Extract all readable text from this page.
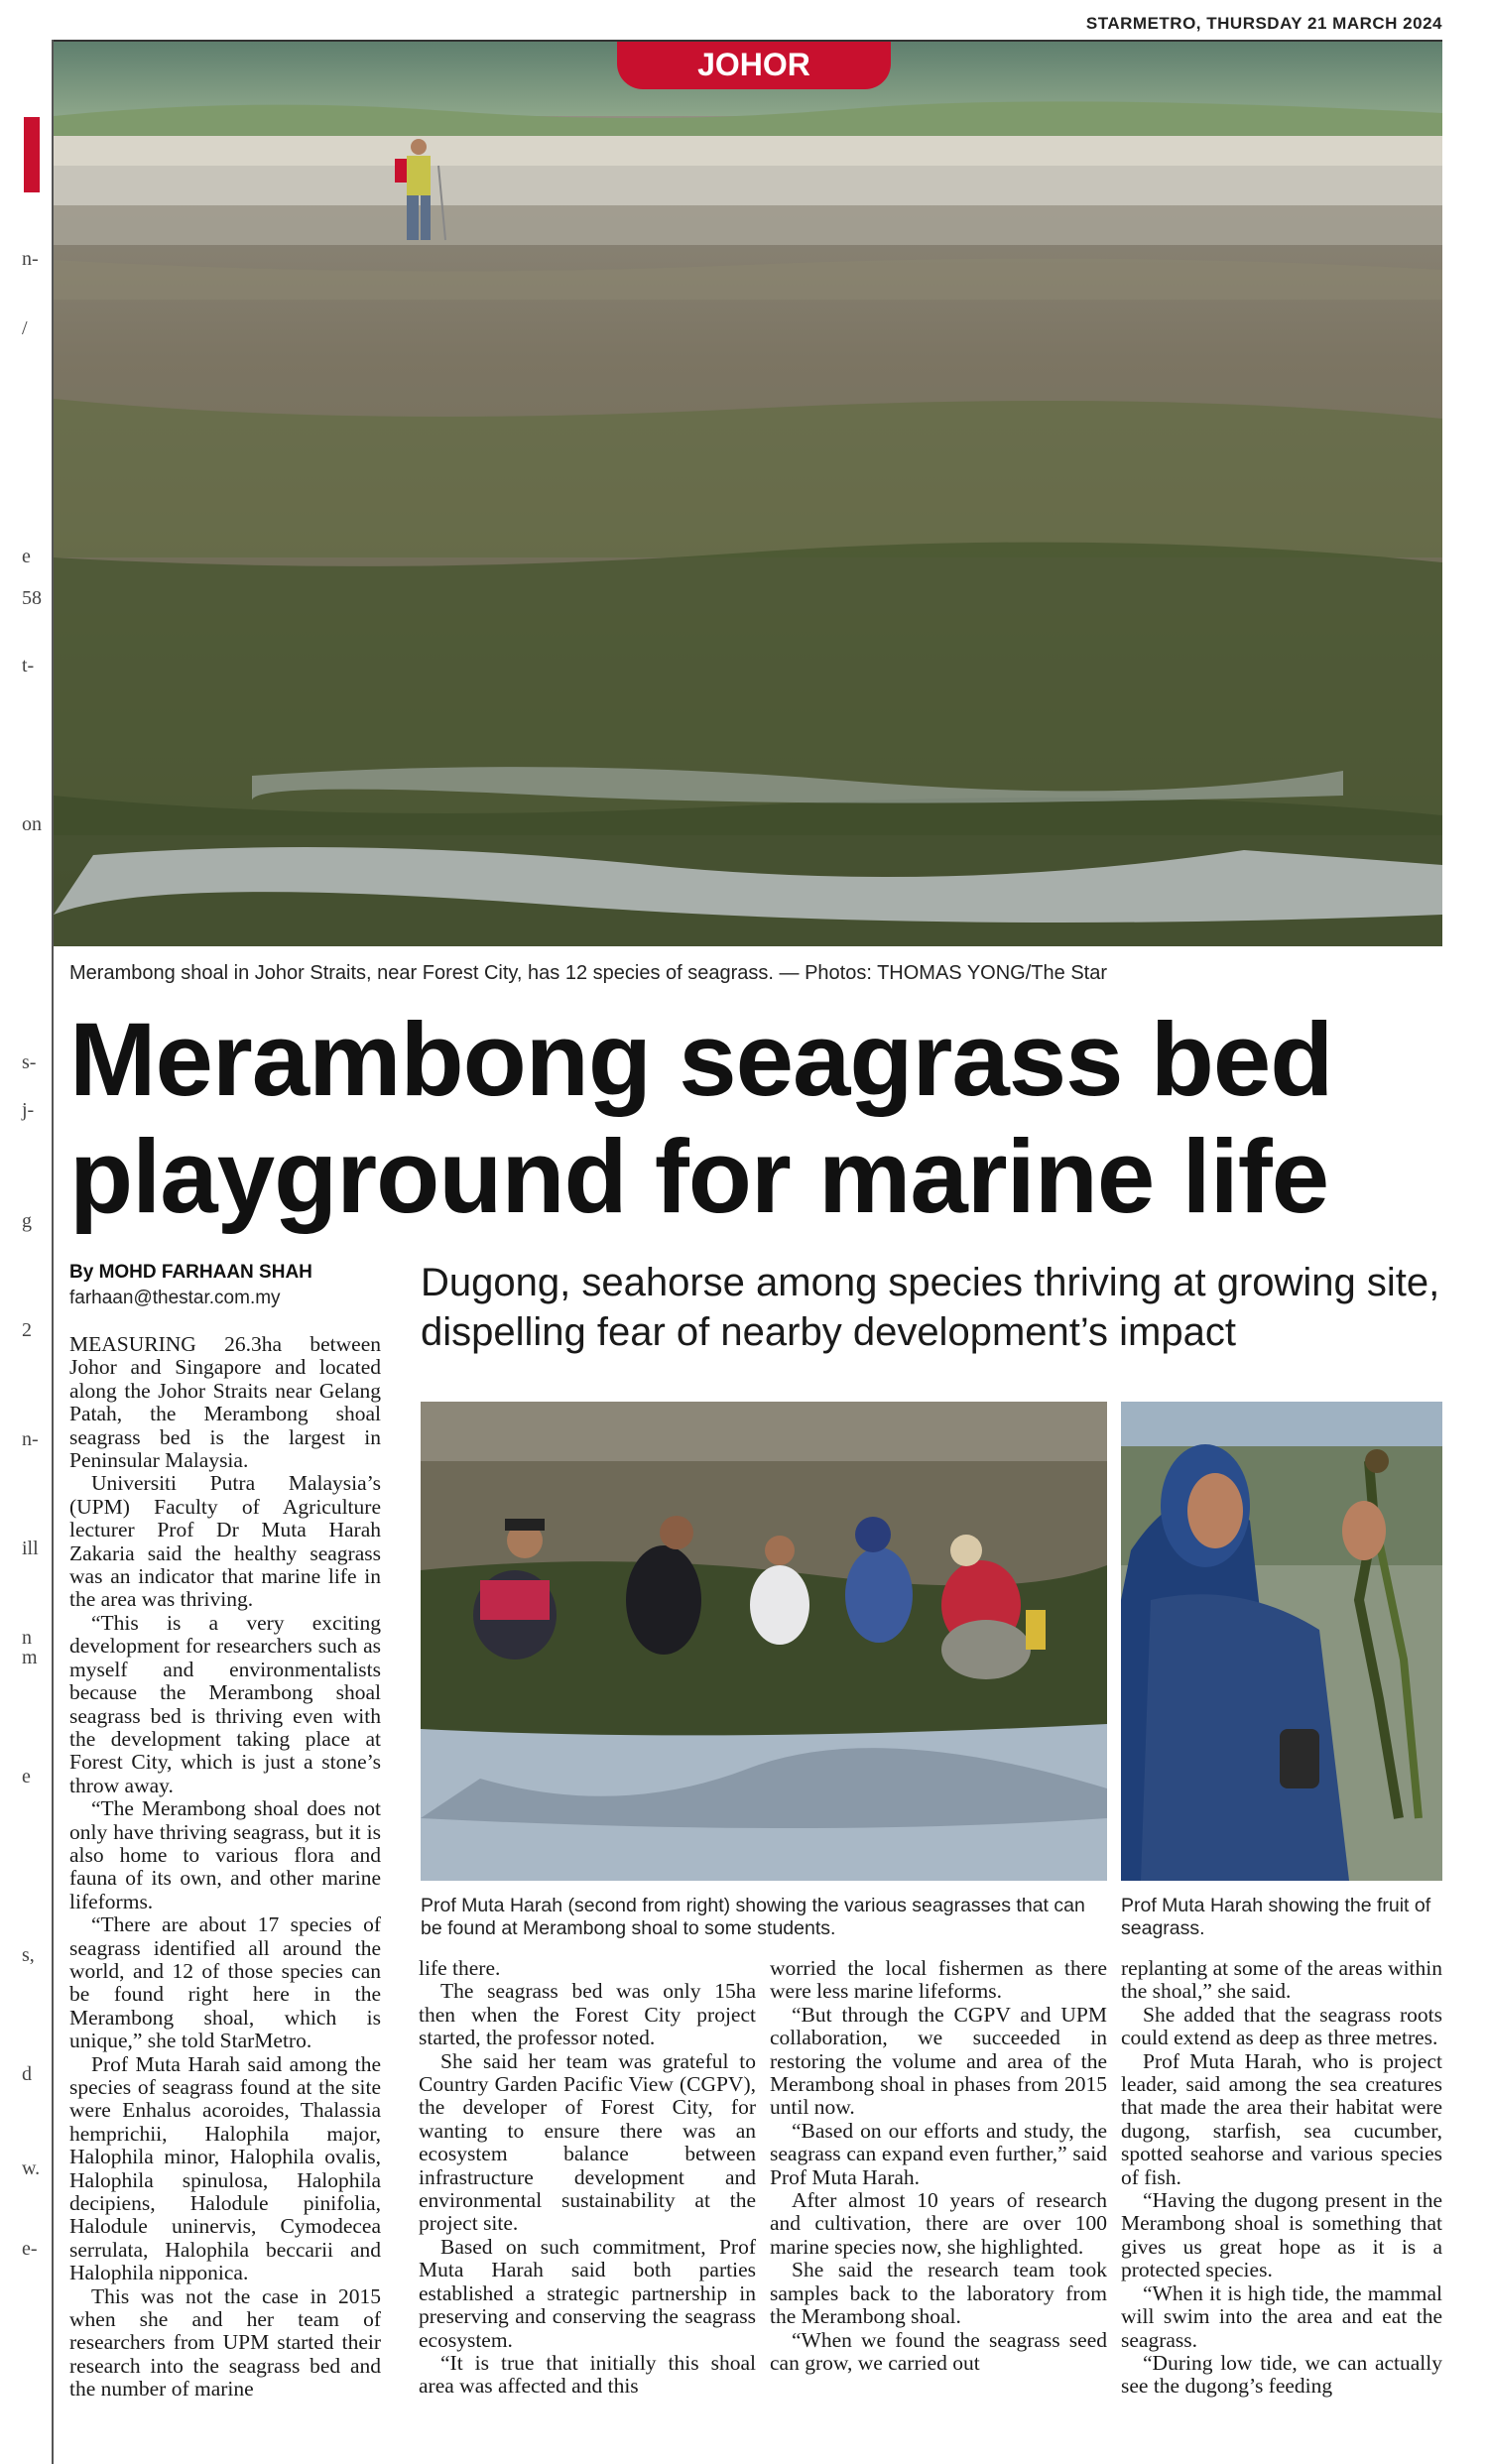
STARMETRO, THURSDAY 21 MARCH 2024
JOHOR
n-
/
e
58
t-
on
s-
j-
g
2
n-
ill
n
m
e
s,
d
w.
e-
Merambong shoal in Johor Straits, near Forest City, has 12 species of seagrass. — Photos: THOMAS YONG/The Star
Merambong seagrass bed
playground for marine life
By MOHD FARHAAN SHAH
farhaan@thestar.com.my	Dugong, seahorse among species thriving at growing site, dispelling fear of nearby development’s impact

MEASURING 26.3ha between Johor and Singapore and located along the Johor Straits near Gelang Patah, the Merambong shoal seagrass bed is the largest in Peninsular Malaysia.

Universiti Putra Malaysia’s (UPM) Faculty of Agriculture lecturer Prof Dr Muta Harah Zakaria said the healthy seagrass was an indicator that marine life in the area was thriving.

“This is a very exciting development for researchers such as myself and environmentalists because the Merambong shoal seagrass bed is thriving even with the development taking place at Forest City, which is just a stone’s throw away.

“The Merambong shoal does not only have thriving seagrass, but it is also home to various flora and fauna of its own, and other marine lifeforms.

“There are about 17 species of seagrass identified all around the world, and 12 of those species can be found right here in the Merambong shoal, which is unique,” she told StarMetro.

Prof Muta Harah said among the species of seagrass found at the site were Enhalus acoroides, Thalassia hemprichii, Halophila major, Halophila minor, Halophila ovalis, Halophila spinulosa, Halophila decipiens, Halodule pinifolia, Halodule uninervis, Cymodecea serrulata, Halophila beccarii and Halophila nipponica.

This was not the case in 2015 when she and her team of researchers from UPM started their research into the seagrass bed and the number of marine

life there.

The seagrass bed was only 15ha then when the Forest City project started, the professor noted.

She said her team was grateful to Country Garden Pacific View (CGPV), the developer of Forest City, for wanting to ensure there was an ecosystem balance between infrastructure development and environmental sustainability at the project site.

Based on such commitment, Prof Muta Harah said both parties established a strategic partnership in preserving and conserving the seagrass ecosystem.

“It is true that initially this shoal area was affected and this

worried the local fishermen as there were less marine lifeforms.

“But through the CGPV and UPM collaboration, we succeeded in restoring the volume and area of the Merambong shoal in phases from 2015 until now.

“Based on our efforts and study, the seagrass can expand even further,” said Prof Muta Harah.

After almost 10 years of research and cultivation, there are over 100 marine species now, she highlighted.

She said the research team took samples back to the laboratory from the Merambong shoal.

“When we found the seagrass seed can grow, we carried out

replanting at some of the areas within the shoal,” she said.

She added that the seagrass roots could extend as deep as three metres.

Prof Muta Harah, who is project leader, said among the sea creatures that made the area their habitat were dugong, starfish, sea cucumber, spotted seahorse and various species of fish.

“Having the dugong present in the Merambong shoal is something that gives us great hope as it is a protected species.

“When it is high tide, the mammal will swim into the area and eat the seagrass.

“During low tide, we can actually see the dugong’s feeding

Prof Muta Harah (second from right) showing the various seagrasses that can be found at Merambong shoal to some students.
Prof Muta Harah showing the fruit of seagrass.
